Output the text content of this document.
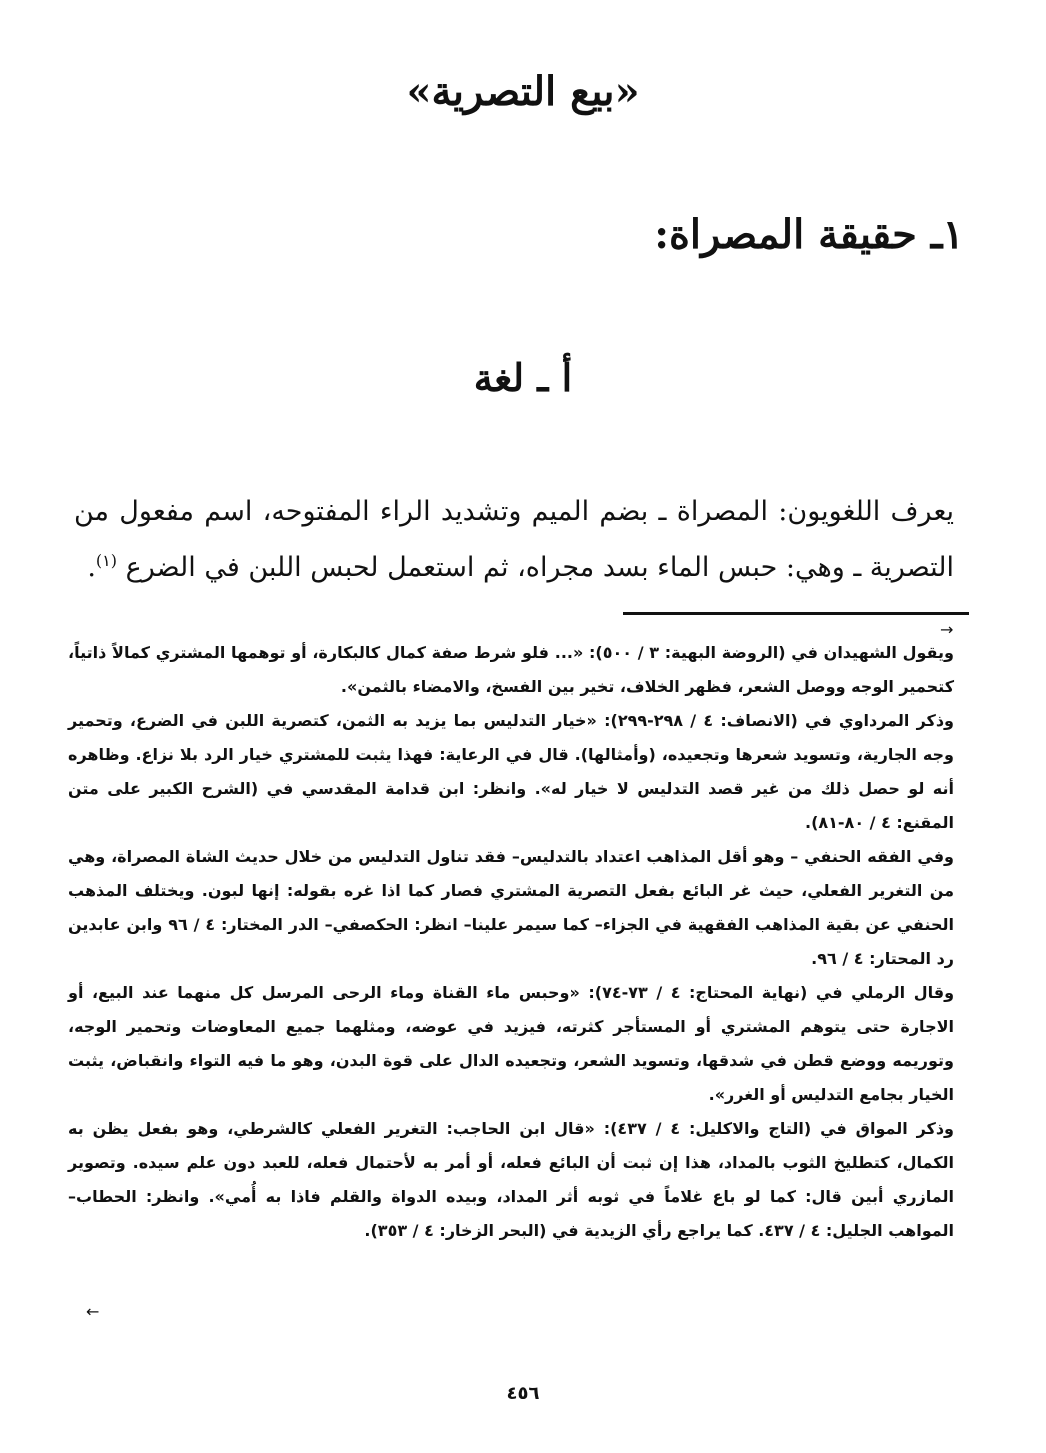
«بيع التصرية»
١ـ حقيقة المصراة:
أ ـ لغة
يعرف اللغويون: المصراة ـ بضم الميم وتشديد الراء المفتوحه، اسم مفعول من التصرية ـ وهي: حبس الماء بسد مجراه، ثم استعمل لحبس اللبن في الضرع $^{(١)}$.
→

ويقول الشهيدان في (الروضة البهية: ٣ / ٥٠٠): «... فلو شرط صفة كمال كالبكارة، أو توهمها المشتري كمالاً ذاتياً، كتحمير الوجه ووصل الشعر، فظهر الخلاف، تخير بين الفسخ، والامضاء بالثمن».

وذكر المرداوي في (الانصاف: ٤ / ٢٩٨-٢٩٩): «خيار التدليس بما يزيد به الثمن، كتصرية اللبن في الضرع، وتحمير وجه الجارية، وتسويد شعرها وتجعيده، (وأمثالها). قال في الرعاية: فهذا يثبت للمشتري خيار الرد بلا نزاع. وظاهره أنه لو حصل ذلك من غير قصد التدليس لا خيار له». وانظر: ابن قدامة المقدسي في (الشرح الكبير على متن المقنع: ٤ / ٨٠-٨١).

وفي الفقه الحنفي – وهو أقل المذاهب اعتداد بالتدليس– فقد تناول التدليس من خلال حديث الشاة المصراة، وهي من التغرير الفعلي، حيث غر البائع بفعل التصرية المشتري فصار كما اذا غره بقوله: إنها لبون. ويختلف المذهب الحنفي عن بقية المذاهب الفقهية في الجزاء– كما سيمر علينا– انظر: الحكصفي– الدر المختار: ٤ / ٩٦ وابن عابدين رد المحتار: ٤ / ٩٦.

وقال الرملي في (نهاية المحتاج: ٤ / ٧٣-٧٤): «وحبس ماء القناة وماء الرحى المرسل كل منهما عند البيع، أو الاجارة حتى يتوهم المشتري أو المستأجر كثرته، فيزيد في عوضه، ومثلهما جميع المعاوضات وتحمير الوجه، وتوريمه ووضع قطن في شدقها، وتسويد الشعر، وتجعيده الدال على قوة البدن، وهو ما فيه التواء وانقباض، يثبت الخيار بجامع التدليس أو الغرر».

وذكر المواق في (التاج والاكليل: ٤ / ٤٣٧): «قال ابن الحاجب: التغرير الفعلي كالشرطي، وهو بفعل يظن به الكمال، كتطليخ الثوب بالمداد، هذا إن ثبت أن البائع فعله، أو أمر به لأحتمال فعله، للعبد دون علم سيده. وتصوير المازري أبين قال: كما لو باع غلاماً في ثوبه أثر المداد، وبيده الدواة والقلم فاذا به أُمي». وانظر: الحطاب– المواهب الجليل: ٤ / ٤٣٧. كما يراجع رأي الزيدية في (البحر الزخار: ٤ / ٣٥٣).

←
٤٥٦
